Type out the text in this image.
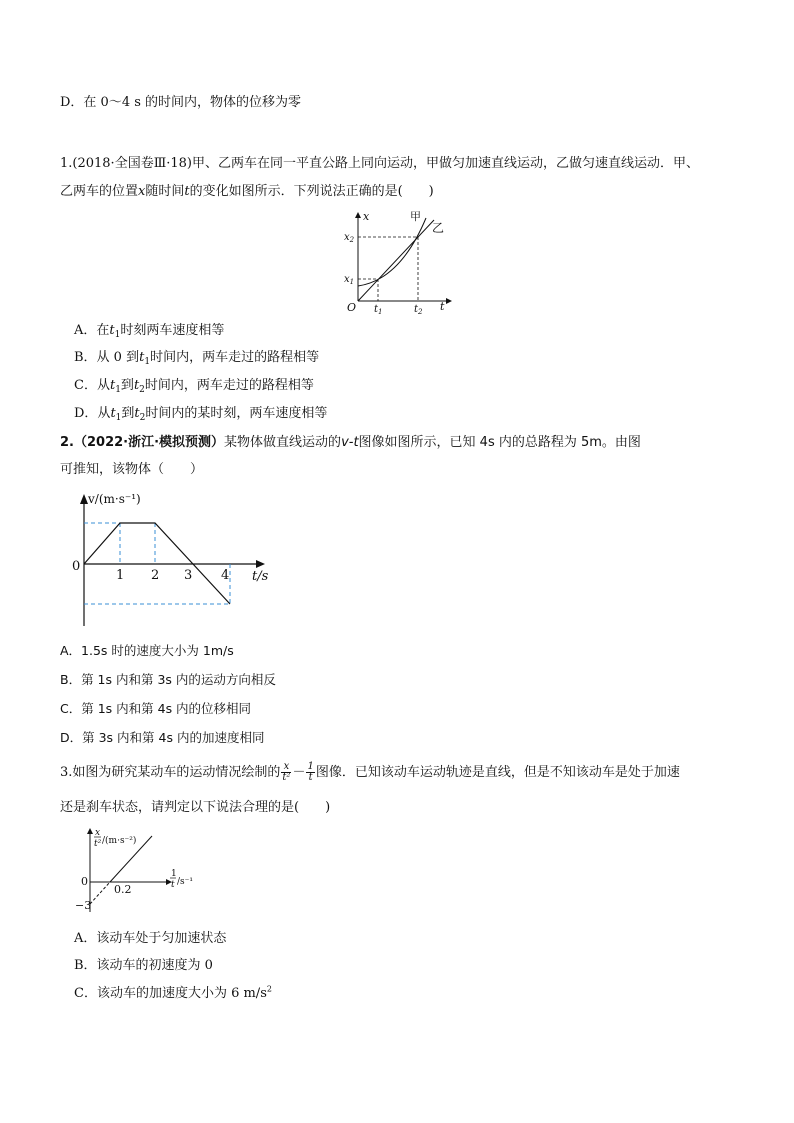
D．在 0～4 s 的时间内，物体的位移为零
1.(2018·全国卷Ⅲ·18)甲、乙两车在同一平直公路上同向运动，甲做匀加速直线运动，乙做匀速直线运动．甲、
乙两车的位置x随时间t的变化如图所示．下列说法正确的是(　　)
x
t
O
$x_2$
$x_1$
$t_1$	$t_2$
甲
乙
A．在$t_1$时刻两车速度相等
B．从 0 到$t_1$时间内，两车走过的路程相等
C．从$t_1$到$t_2$时间内，两车走过的路程相等
D．从$t_1$到$t_2$时间内的某时刻，两车速度相等
2.（2022·浙江·模拟预测）某物体做直线运动的v-t图像如图所示，已知 4s 内的总路程为 5m。由图
可推知，该物体（　　）
v/(m·s⁻¹)
t/s
0
1 2 3 4
A．1.5s 时的速度大小为 1m/s
B．第 1s 内和第 3s 内的运动方向相反
C．第 1s 内和第 4s 内的位移相同
D．第 3s 内和第 4s 内的加速度相同
3.如图为研究某动车的运动情况绘制的 $\frac{x}{\text{t²}} - \frac{1}{t}$ 图像．已知该动车运动轨迹是直线，但是不知该动车是处于加速
还是刹车状态，请判定以下说法合理的是(　　)
x
t² /(m·s⁻²)
1
t /s⁻¹
0
0.2
−3
A．该动车处于匀加速状态
B．该动车的初速度为 0
C．该动车的加速度大小为 6 $m/s^2$
